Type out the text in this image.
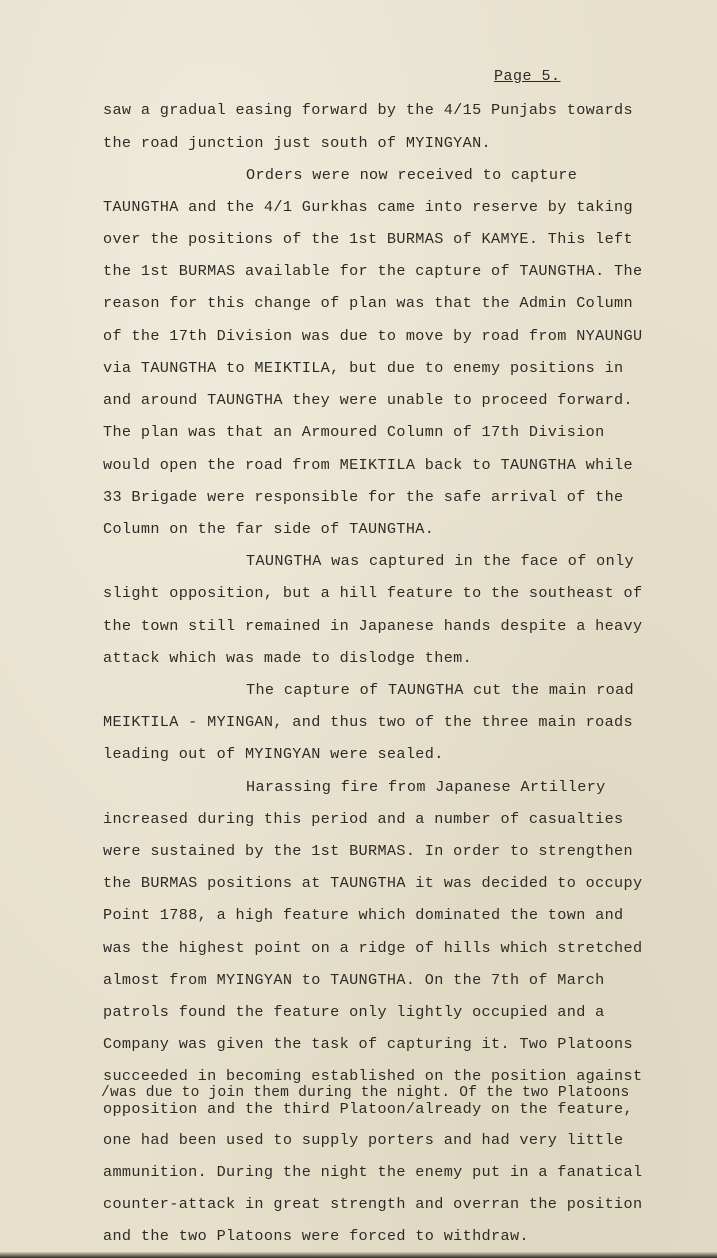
Page 5.
saw a gradual easing forward by the 4/15 Punjabs towards
the road junction just south of MYINGYAN.
Orders were now received to capture
TAUNGTHA and the 4/1 Gurkhas came into reserve by taking
over the positions of the 1st BURMAS of KAMYE. This left
the 1st BURMAS available for the capture of TAUNGTHA. The
reason for this change of plan was that the Admin Column
of the 17th Division was due to move by road from NYAUNGU
via TAUNGTHA to MEIKTILA, but due to enemy positions in
and around TAUNGTHA they were unable to proceed forward.
The plan was that an Armoured Column of 17th Division
would open the road from MEIKTILA back to TAUNGTHA while
33 Brigade were responsible for the safe arrival of the
Column on the far side of TAUNGTHA.
TAUNGTHA was captured in the face of only
slight opposition, but a hill feature to the southeast of
the town still remained in Japanese hands despite a heavy
attack which was made to dislodge them.
The capture of TAUNGTHA cut the main road
MEIKTILA - MYINGAN, and thus two of the three main roads
leading out of MYINGYAN were sealed.
Harassing fire from Japanese Artillery
increased during this period and a number of casualties
were sustained by the 1st BURMAS. In order to strengthen
the BURMAS positions at TAUNGTHA it was decided to occupy
Point 1788, a high feature which dominated the town and
was the highest point on a ridge of hills which stretched
almost from MYINGYAN to TAUNGTHA. On the 7th of March
patrols found the feature only lightly occupied and a
Company was given the task of capturing it. Two Platoons
succeeded in becoming established on the position against
/was due to join them during the night. Of the two Platoons
opposition and the third Platoon/already on the feature,
one had been used to supply porters and had very little
ammunition. During the night the enemy put in a fanatical
counter-attack in great strength and overran the position
and the two Platoons were forced to withdraw.
